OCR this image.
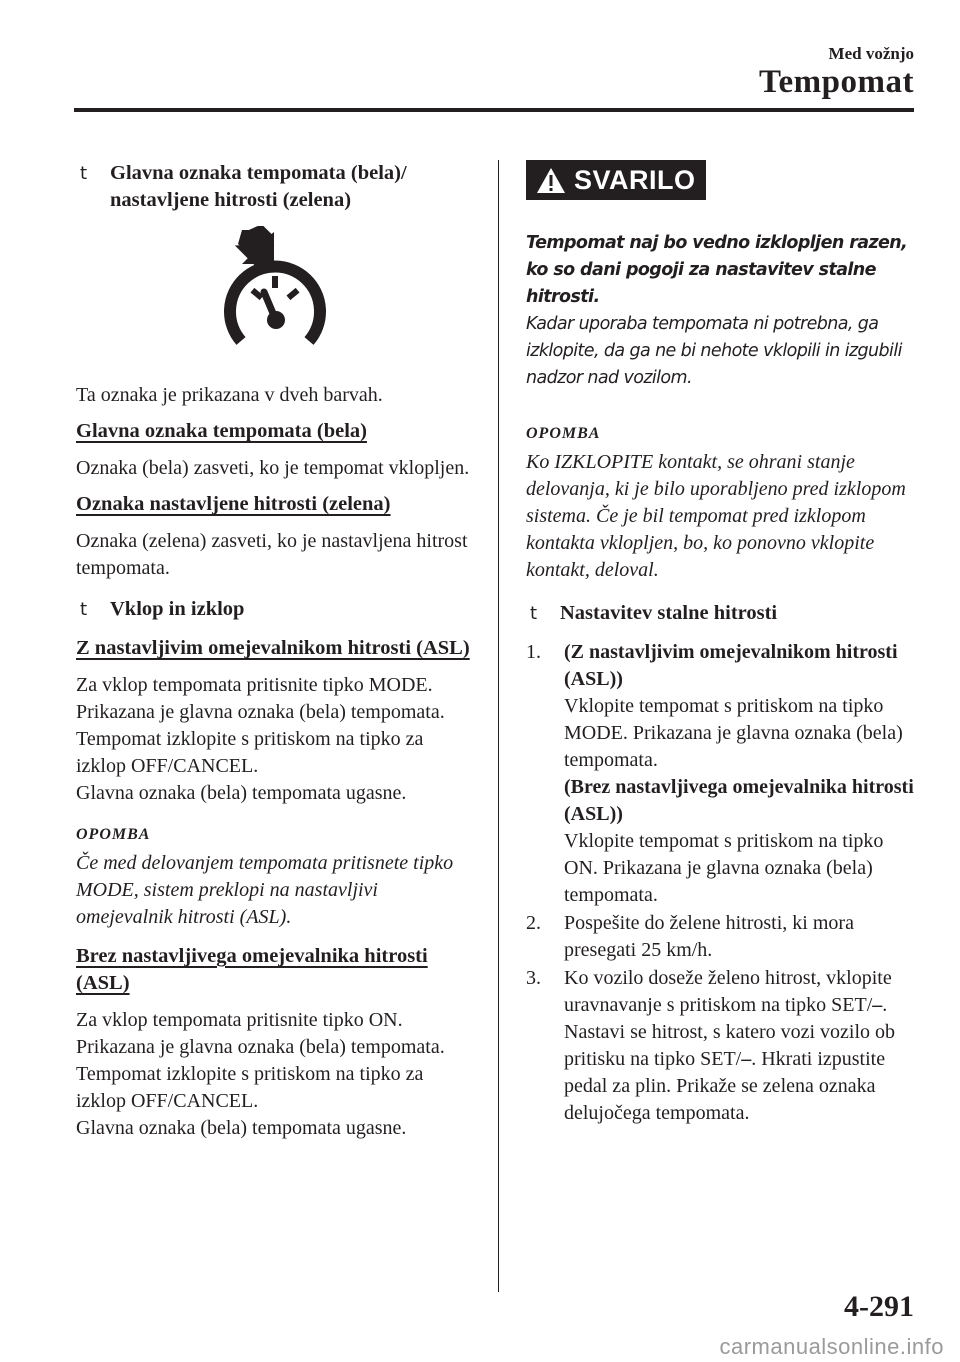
Med vožnjo
Tempomat
t Glavna oznaka tempomata (bela)/ nastavljene hitrosti (zelena)

Ta oznaka je prikazana v dveh barvah.

Glavna oznaka tempomata (bela)

Oznaka (bela) zasveti, ko je tempomat vklopljen.

Oznaka nastavljene hitrosti (zelena)

Oznaka (zelena) zasveti, ko je nastavljena hitrost tempomata.

t Vklop in izklop
Z nastavljivim omejevalnikom hitrosti (ASL)

Za vklop tempomata pritisnite tipko MODE. Prikazana je glavna oznaka (bela) tempomata.

Tempomat izklopite s pritiskom na tipko za izklop OFF/CANCEL.

Glavna oznaka (bela) tempomata ugasne.

OPOMBA

Če med delovanjem tempomata pritisnete tipko MODE, sistem preklopi na nastavljivi omejevalnik hitrosti (ASL).

Brez nastavljivega omejevalnika hitrosti (ASL)

Za vklop tempomata pritisnite tipko ON. Prikazana je glavna oznaka (bela) tempomata.

Tempomat izklopite s pritiskom na tipko za izklop OFF/CANCEL.

Glavna oznaka (bela) tempomata ugasne.

SVARILO

Tempomat naj bo vedno izklopljen razen, ko so dani pogoji za nastavitev stalne hitrosti.

Kadar uporaba tempomata ni potrebna, ga izklopite, da ga ne bi nehote vklopili in izgubili nadzor nad vozilom.

OPOMBA

Ko IZKLOPITE kontakt, se ohrani stanje delovanja, ki je bilo uporabljeno pred izklopom sistema. Če je bil tempomat pred izklopom kontakta vklopljen, bo, ko ponovno vklopite kontakt, deloval.

t Nastavitev stalne hitrosti
1. (Z nastavljivim omejevalnikom hitrosti (ASL))
Vklopite tempomat s pritiskom na tipko MODE. Prikazana je glavna oznaka (bela) tempomata.
(Brez nastavljivega omejevalnika hitrosti (ASL))
Vklopite tempomat s pritiskom na tipko ON. Prikazana je glavna oznaka (bela) tempomata.
2. Pospešite do želene hitrosti, ki mora presegati 25 km/h.
3. Ko vozilo doseže želeno hitrost, vklopite uravnavanje s pritiskom na tipko SET/–. Nastavi se hitrost, s katero vozi vozilo ob pritisku na tipko SET/–. Hkrati izpustite pedal za plin. Prikaže se zelena oznaka delujočega tempomata.
4-291
carmanualsonline.info
